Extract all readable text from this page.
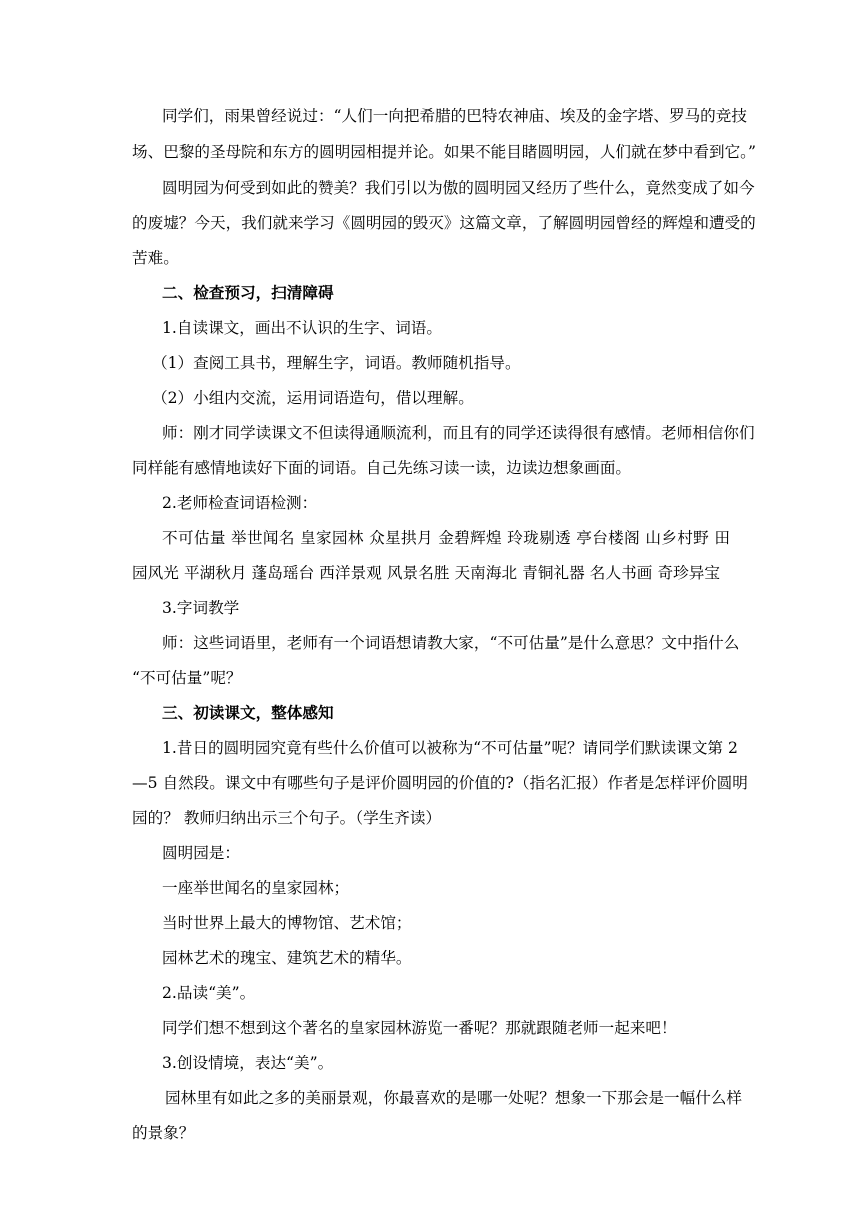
同学们，雨果曾经说过：“人们一向把希腊的巴特农神庙、埃及的金字塔、罗马的竞技
场、巴黎的圣母院和东方的圆明园相提并论。如果不能目睹圆明园，人们就在梦中看到它。”
圆明园为何受到如此的赞美？我们引以为傲的圆明园又经历了些什么，竟然变成了如今
的废墟？今天，我们就来学习《圆明园的毁灭》这篇文章，了解圆明园曾经的辉煌和遭受的
苦难。
二、检查预习，扫清障碍
1.自读课文，画出不认识的生字、词语。
（1）查阅工具书，理解生字，词语。教师随机指导。
（2）小组内交流，运用词语造句，借以理解。
师：刚才同学读课文不但读得通顺流利，而且有的同学还读得很有感情。老师相信你们
同样能有感情地读好下面的词语。自己先练习读一读，边读边想象画面。
2.老师检查词语检测：
不可估量 举世闻名 皇家园林 众星拱月 金碧辉煌 玲珑剔透 亭台楼阁 山乡村野 田
园风光 平湖秋月 蓬岛瑶台 西洋景观 风景名胜 天南海北 青铜礼器 名人书画 奇珍异宝
3.字词教学
师：这些词语里，老师有一个词语想请教大家，“不可估量”是什么意思？文中指什么
“不可估量”呢？
三、初读课文，整体感知
1.昔日的圆明园究竟有些什么价值可以被称为“不可估量”呢？请同学们默读课文第 2
—5 自然段。课文中有哪些句子是评价圆明园的价值的?（指名汇报）作者是怎样评价圆明
园的？ 教师归纳出示三个句子。（学生齐读）
圆明园是：
一座举世闻名的皇家园林；
当时世界上最大的博物馆、艺术馆；
园林艺术的瑰宝、建筑艺术的精华。
2.品读“美”。
同学们想不想到这个著名的皇家园林游览一番呢？那就跟随老师一起来吧！
3.创设情境，表达“美”。
园林里有如此之多的美丽景观，你最喜欢的是哪一处呢？想象一下那会是一幅什么样
的景象？
